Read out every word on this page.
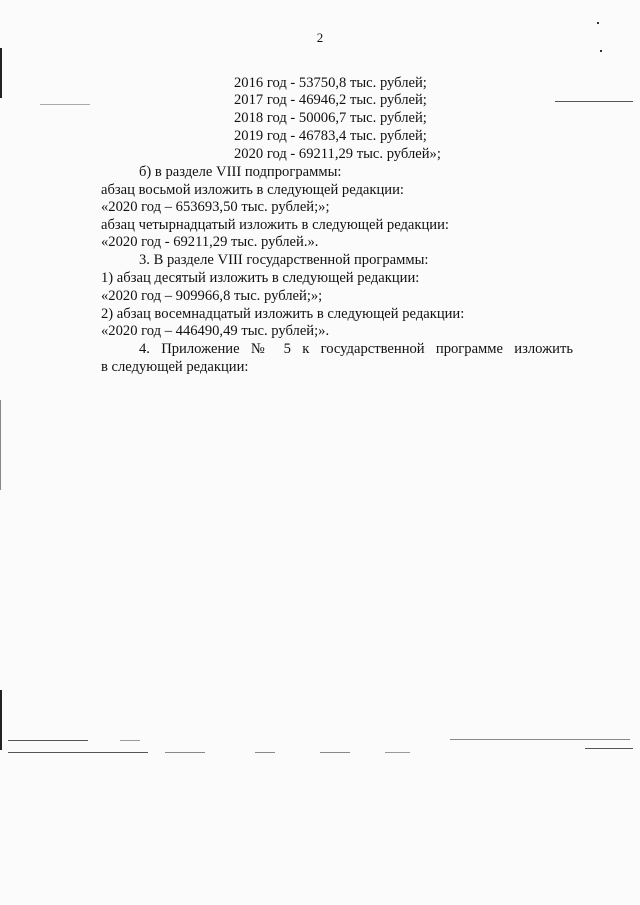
2
2016 год - 53750,8 тыс. рублей;
2017 год - 46946,2 тыс. рублей;
2018 год - 50006,7 тыс. рублей;
2019 год - 46783,4 тыс. рублей;
2020 год - 69211,29 тыс. рублей»;
б) в разделе VIII подпрограммы:
абзац восьмой изложить в следующей редакции:
«2020 год – 653693,50 тыс. рублей;»;
абзац четырнадцатый изложить в следующей редакции:
«2020 год - 69211,29 тыс. рублей.».
3. В разделе VIII государственной программы:
1) абзац десятый изложить в следующей редакции:
«2020 год – 909966,8 тыс. рублей;»;
2) абзац восемнадцатый изложить в следующей редакции:
«2020 год – 446490,49 тыс. рублей;».
4. Приложение № 5 к государственной программе изложить
в следующей редакции:
